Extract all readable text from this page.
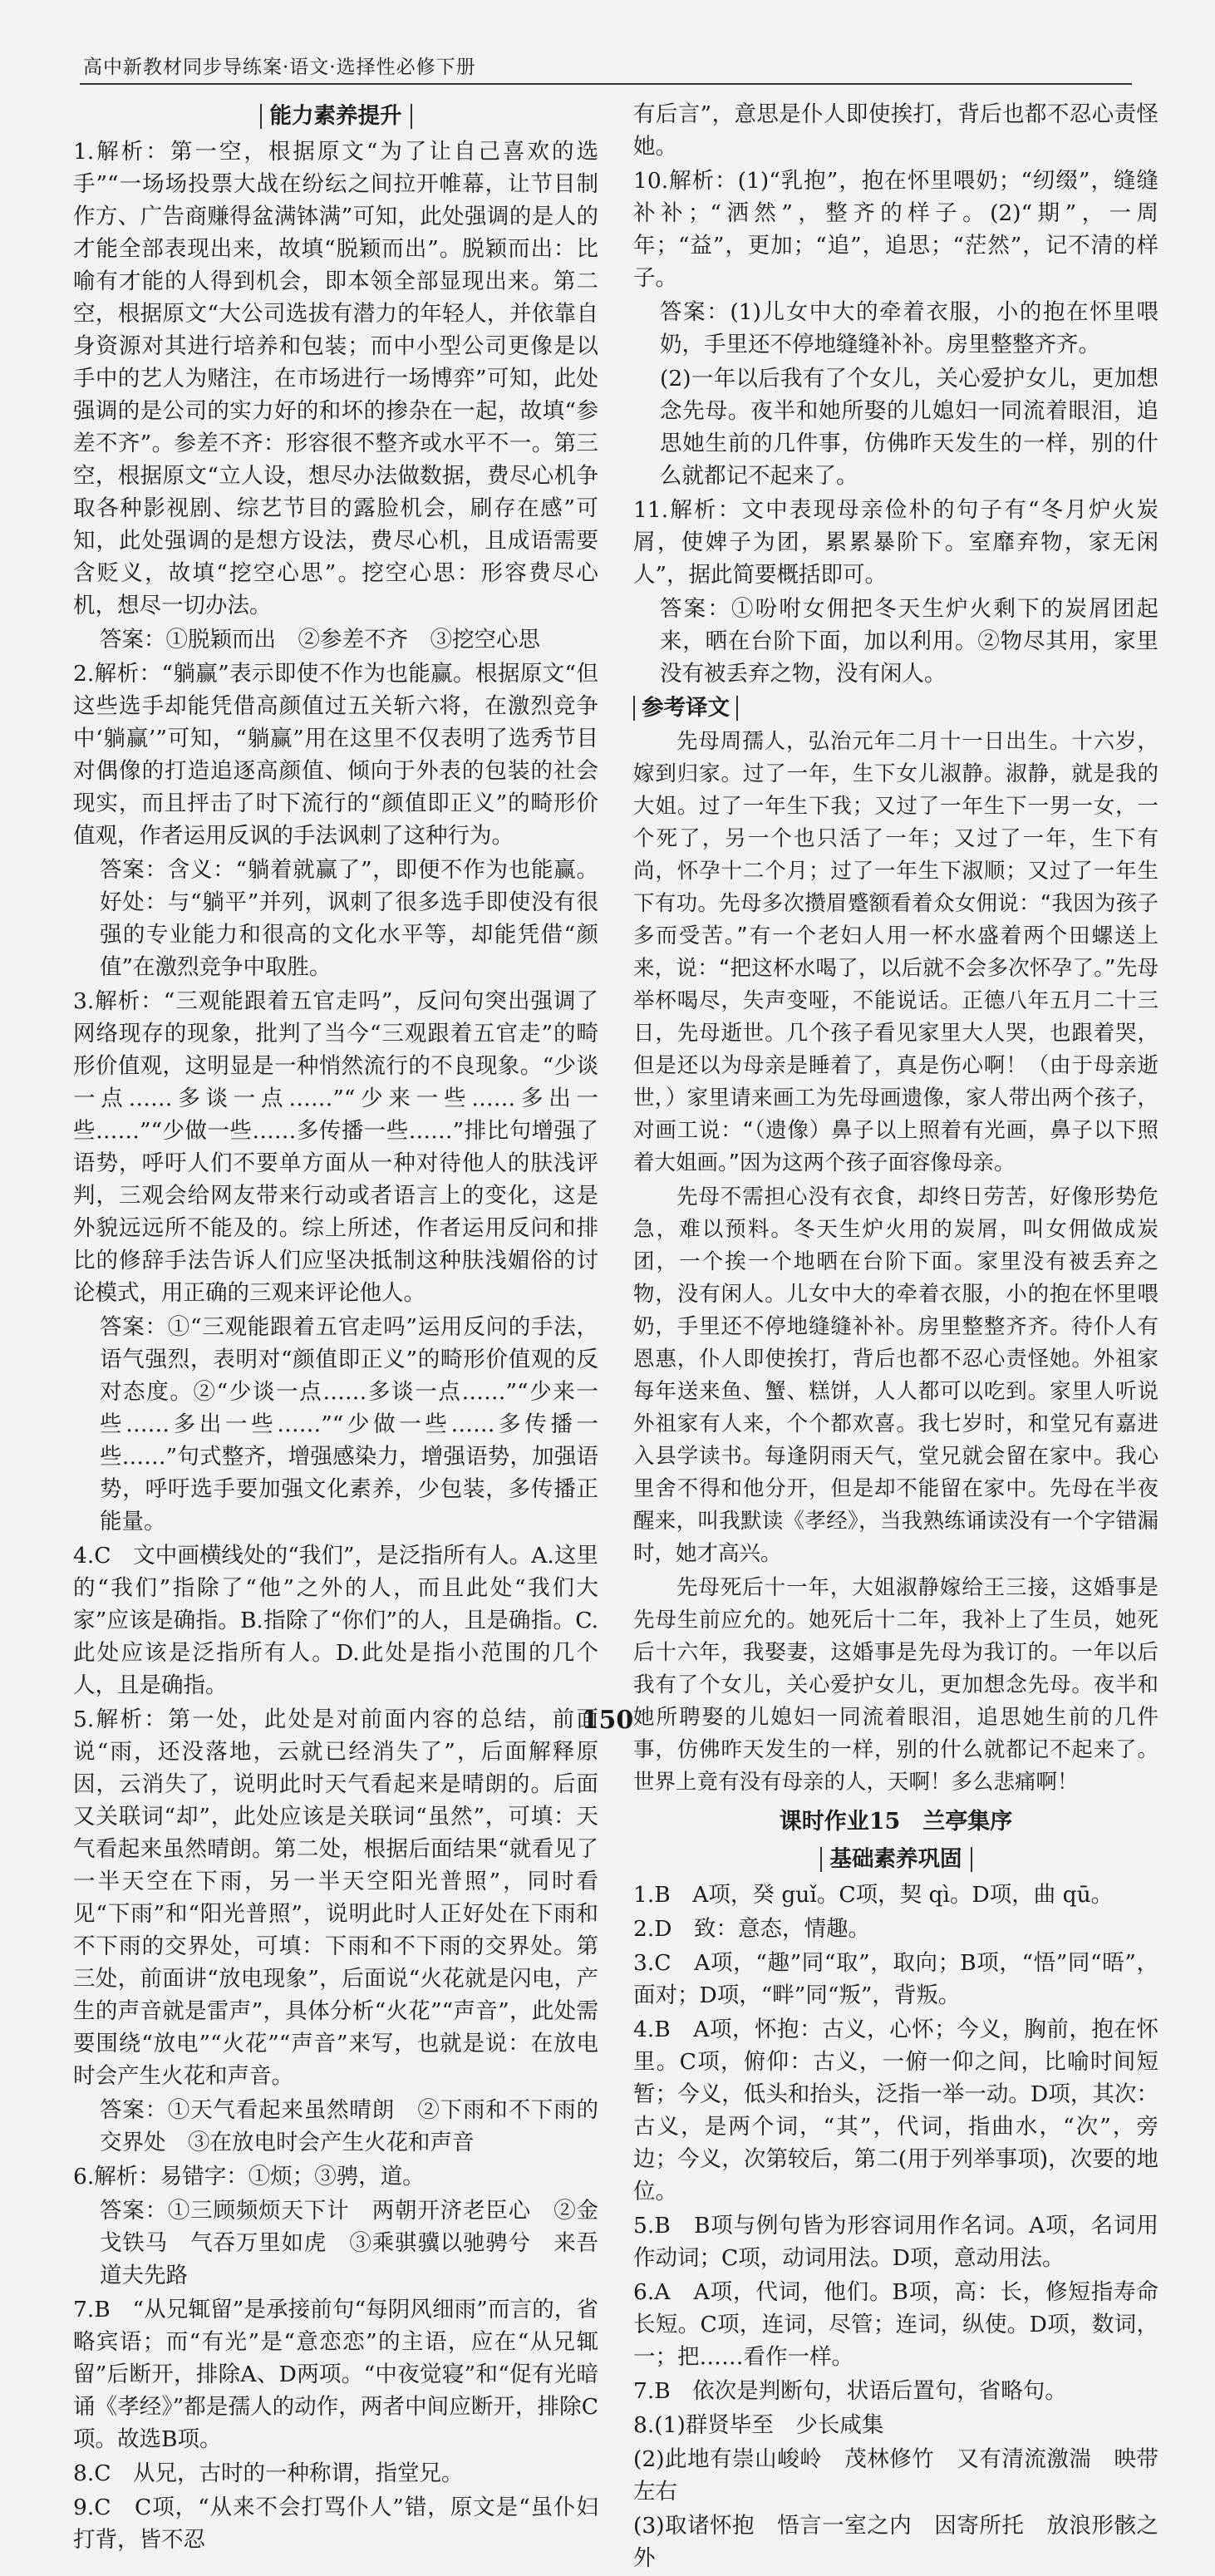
高中新教材同步导练案·语文·选择性必修下册
能力素养提升
1.解析：第一空，根据原文“为了让自己喜欢的选手”“一场场投票大战在纷纭之间拉开帷幕，让节目制作方、广告商赚得盆满钵满”可知，此处强调的是人的才能全部表现出来，故填“脱颖而出”。脱颖而出：比喻有才能的人得到机会，即本领全部显现出来。第二空，根据原文“大公司选拔有潜力的年轻人，并依靠自身资源对其进行培养和包装；而中小型公司更像是以手中的艺人为赌注，在市场进行一场博弈”可知，此处强调的是公司的实力好的和坏的掺杂在一起，故填“参差不齐”。参差不齐：形容很不整齐或水平不一。第三空，根据原文“立人设，想尽办法做数据，费尽心机争取各种影视剧、综艺节目的露脸机会，刷存在感”可知，此处强调的是想方设法，费尽心机，且成语需要含贬义，故填“挖空心思”。挖空心思：形容费尽心机，想尽一切办法。
答案：①脱颖而出　②参差不齐　③挖空心思
2.解析：“躺赢”表示即使不作为也能赢。根据原文“但这些选手却能凭借高颜值过五关斩六将，在激烈竞争中‘躺赢’”可知，“躺赢”用在这里不仅表明了选秀节目对偶像的打造追逐高颜值、倾向于外表的包装的社会现实，而且抨击了时下流行的“颜值即正义”的畸形价值观，作者运用反讽的手法讽刺了这种行为。
答案：含义：“躺着就赢了”，即便不作为也能赢。好处：与“躺平”并列，讽刺了很多选手即使没有很强的专业能力和很高的文化水平等，却能凭借“颜值”在激烈竞争中取胜。
3.解析：“三观能跟着五官走吗”，反问句突出强调了网络现存的现象，批判了当今“三观跟着五官走”的畸形价值观，这明显是一种悄然流行的不良现象。“少谈一点……多谈一点……”“少来一些……多出一些……”“少做一些……多传播一些……”排比句增强了语势，呼吁人们不要单方面从一种对待他人的肤浅评判，三观会给网友带来行动或者语言上的变化，这是外貌远远所不能及的。综上所述，作者运用反问和排比的修辞手法告诉人们应坚决抵制这种肤浅媚俗的讨论模式，用正确的三观来评论他人。
答案：①“三观能跟着五官走吗”运用反问的手法，语气强烈，表明对“颜值即正义”的畸形价值观的反对态度。②“少谈一点……多谈一点……”“少来一些……多出一些……”“少做一些……多传播一些……”句式整齐，增强感染力，增强语势，加强语势，呼吁选手要加强文化素养，少包装，多传播正能量。
4.C　文中画横线处的“我们”，是泛指所有人。A.这里的“我们”指除了“他”之外的人，而且此处“我们大家”应该是确指。B.指除了“你们”的人，且是确指。C.此处应该是泛指所有人。D.此处是指小范围的几个人，且是确指。
5.解析：第一处，此处是对前面内容的总结，前面说“雨，还没落地，云就已经消失了”，后面解释原因，云消失了，说明此时天气看起来是晴朗的。后面又关联词“却”，此处应该是关联词“虽然”，可填：天气看起来虽然晴朗。第二处，根据后面结果“就看见了一半天空在下雨，另一半天空阳光普照”，同时看见“下雨”和“阳光普照”，说明此时人正好处在下雨和不下雨的交界处，可填：下雨和不下雨的交界处。第三处，前面讲“放电现象”，后面说“火花就是闪电，产生的声音就是雷声”，具体分析“火花”“声音”，此处需要围绕“放电”“火花”“声音”来写，也就是说：在放电时会产生火花和声音。
答案：①天气看起来虽然晴朗　②下雨和不下雨的交界处　③在放电时会产生火花和声音
6.解析：易错字：①烦；③骋，道。
答案：①三顾频烦天下计　两朝开济老臣心　②金戈铁马　气吞万里如虎　③乘骐骥以驰骋兮　来吾道夫先路
7.B　“从兄辄留”是承接前句“每阴风细雨”而言的，省略宾语；而“有光”是“意恋恋”的主语，应在“从兄辄留”后断开，排除A、D两项。“中夜觉寝”和“促有光暗诵《孝经》”都是孺人的动作，两者中间应断开，排除C项。故选B项。
8.C　从兄，古时的一种称谓，指堂兄。
9.C　C项，“从来不会打骂仆人”错，原文是“虽仆妇打背，皆不忍
有后言”，意思是仆人即使挨打，背后也都不忍心责怪她。
10.解析：(1)“乳抱”，抱在怀里喂奶；“纫缀”，缝缝补补；“洒然”，整齐的样子。(2)“期”，一周年；“益”，更加；“追”，追思；“茫然”，记不清的样子。
答案：(1)儿女中大的牵着衣服，小的抱在怀里喂奶，手里还不停地缝缝补补。房里整整齐齐。
(2)一年以后我有了个女儿，关心爱护女儿，更加想念先母。夜半和她所娶的儿媳妇一同流着眼泪，追思她生前的几件事，仿佛昨天发生的一样，别的什么就都记不起来了。
11.解析：文中表现母亲俭朴的句子有“冬月炉火炭屑，使婢子为团，累累暴阶下。室靡弃物，家无闲人”，据此简要概括即可。
答案：①吩咐女佣把冬天生炉火剩下的炭屑团起来，晒在台阶下面，加以利用。②物尽其用，家里没有被丢弃之物，没有闲人。
参考译文
先母周孺人，弘治元年二月十一日出生。十六岁，嫁到归家。过了一年，生下女儿淑静。淑静，就是我的大姐。过了一年生下我；又过了一年生下一男一女，一个死了，另一个也只活了一年；又过了一年，生下有尚，怀孕十二个月；过了一年生下淑顺；又过了一年生下有功。先母多次攒眉蹙额看着众女佣说：“我因为孩子多而受苦。”有一个老妇人用一杯水盛着两个田螺送上来，说：“把这杯水喝了，以后就不会多次怀孕了。”先母举杯喝尽，失声变哑，不能说话。正德八年五月二十三日，先母逝世。几个孩子看见家里大人哭，也跟着哭，但是还以为母亲是睡着了，真是伤心啊！（由于母亲逝世，）家里请来画工为先母画遗像，家人带出两个孩子，对画工说：“（遗像）鼻子以上照着有光画，鼻子以下照着大姐画。”因为这两个孩子面容像母亲。
先母不需担心没有衣食，却终日劳苦，好像形势危急，难以预料。冬天生炉火用的炭屑，叫女佣做成炭团，一个挨一个地晒在台阶下面。家里没有被丢弃之物，没有闲人。儿女中大的牵着衣服，小的抱在怀里喂奶，手里还不停地缝缝补补。房里整整齐齐。待仆人有恩惠，仆人即使挨打，背后也都不忍心责怪她。外祖家每年送来鱼、蟹、糕饼，人人都可以吃到。家里人听说外祖家有人来，个个都欢喜。我七岁时，和堂兄有嘉进入县学读书。每逢阴雨天气，堂兄就会留在家中。我心里舍不得和他分开，但是却不能留在家中。先母在半夜醒来，叫我默读《孝经》，当我熟练诵读没有一个字错漏时，她才高兴。
先母死后十一年，大姐淑静嫁给王三接，这婚事是先母生前应允的。她死后十二年，我补上了生员，她死后十六年，我娶妻，这婚事是先母为我订的。一年以后我有了个女儿，关心爱护女儿，更加想念先母。夜半和她所聘娶的儿媳妇一同流着眼泪，追思她生前的几件事，仿佛昨天发生的一样，别的什么就都记不起来了。世界上竟有没有母亲的人，天啊！多么悲痛啊！
课时作业15　兰亭集序
基础素养巩固
1.B　A项，癸 guǐ。C项，契 qì。D项，曲 qū。
2.D　致：意态，情趣。
3.C　A项，“趣”同“取”，取向；B项，“悟”同“晤”，面对；D项，“畔”同“叛”，背叛。
4.B　A项，怀抱：古义，心怀；今义，胸前，抱在怀里。C项，俯仰：古义，一俯一仰之间，比喻时间短暂；今义，低头和抬头，泛指一举一动。D项，其次：古义，是两个词，“其”，代词，指曲水，“次”，旁边；今义，次第较后，第二(用于列举事项)，次要的地位。
5.B　B项与例句皆为形容词用作名词。A项，名词用作动词；C项，动词用法。D项，意动用法。
6.A　A项，代词，他们。B项，高：长，修短指寿命长短。C项，连词，尽管；连词，纵使。D项，数词，一；把……看作一样。
7.B　依次是判断句，状语后置句，省略句。
8.(1)群贤毕至　少长咸集
(2)此地有崇山峻岭　茂林修竹　又有清流激湍　映带左右
(3)取诸怀抱　悟言一室之内　因寄所托　放浪形骸之外
150
